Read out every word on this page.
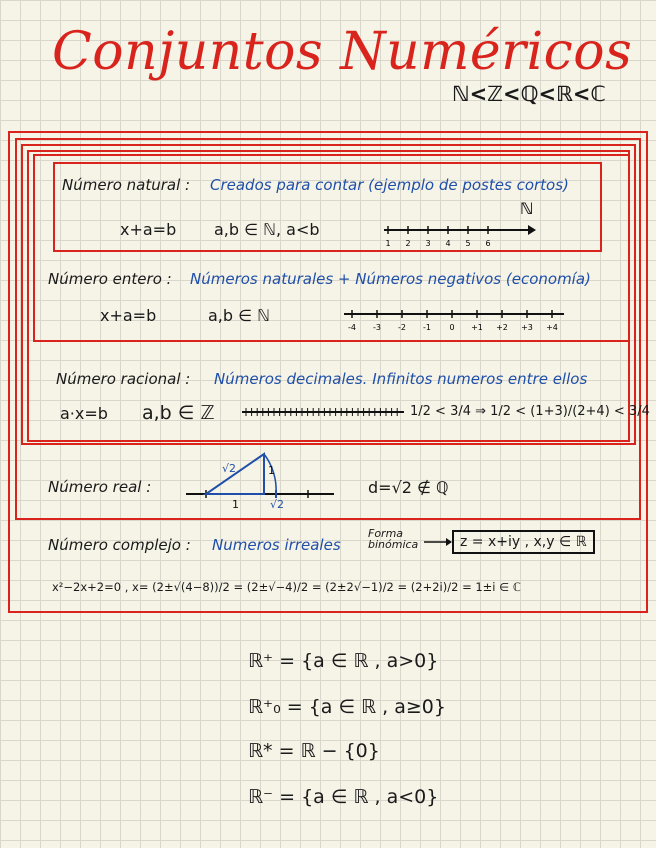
Conjuntos Numéricos
ℕ<ℤ<ℚ<ℝ<ℂ
Número natural : Creados para contar (ejemplo de postes cortos)
x+a=b a,b ∈ ℕ, a<b
ℕ
1 2 3 4 5 6
Número entero : Números naturales + Números negativos (economía)
x+a=b	a,b ∈ ℕ
-4 -3 -2 -1 0 +1 +2 +3 +4
Número racional : Números decimales. Infinitos numeros entre ellos
a·x=b a,b ∈ ℤ	1/2 < 3/4 ⇒ 1/2 < (1+3)/(2+4) < 3/4
Número real :
√2	1
1	√2
d=√2 ∉ ℚ
Número complejo : Numeros irreales
Forma binómica	z = x+iy , x,y ∈ ℝ
x²−2x+2=0 , x= (2±√(4−8))/2 = (2±√−4)/2 = (2±2√−1)/2 = (2+2i)/2 = 1±i ∈ ℂ
ℝ⁺ = {a ∈ ℝ , a>0}
ℝ⁺₀ = {a ∈ ℝ , a≥0}
ℝ* = ℝ − {0}
ℝ⁻ = {a ∈ ℝ , a<0}
